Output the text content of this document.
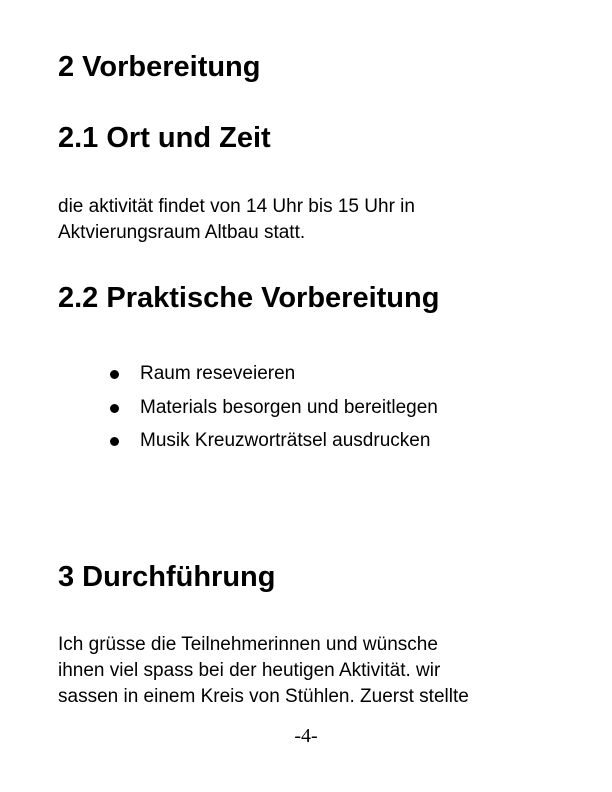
2 Vorbereitung
2.1 Ort und Zeit

die aktivität findet von 14 Uhr bis 15 Uhr in
Aktvierungsraum Altbau statt.

2.2 Praktische Vorbereitung
Raum reseveieren
Materials besorgen und bereitlegen
Musik Kreuzworträtsel ausdrucken
3 Durchführung

Ich grüsse die Teilnehmerinnen und wünsche
ihnen viel spass bei der heutigen Aktivität. wir
sassen in einem Kreis von Stühlen. Zuerst stellte

-4-
